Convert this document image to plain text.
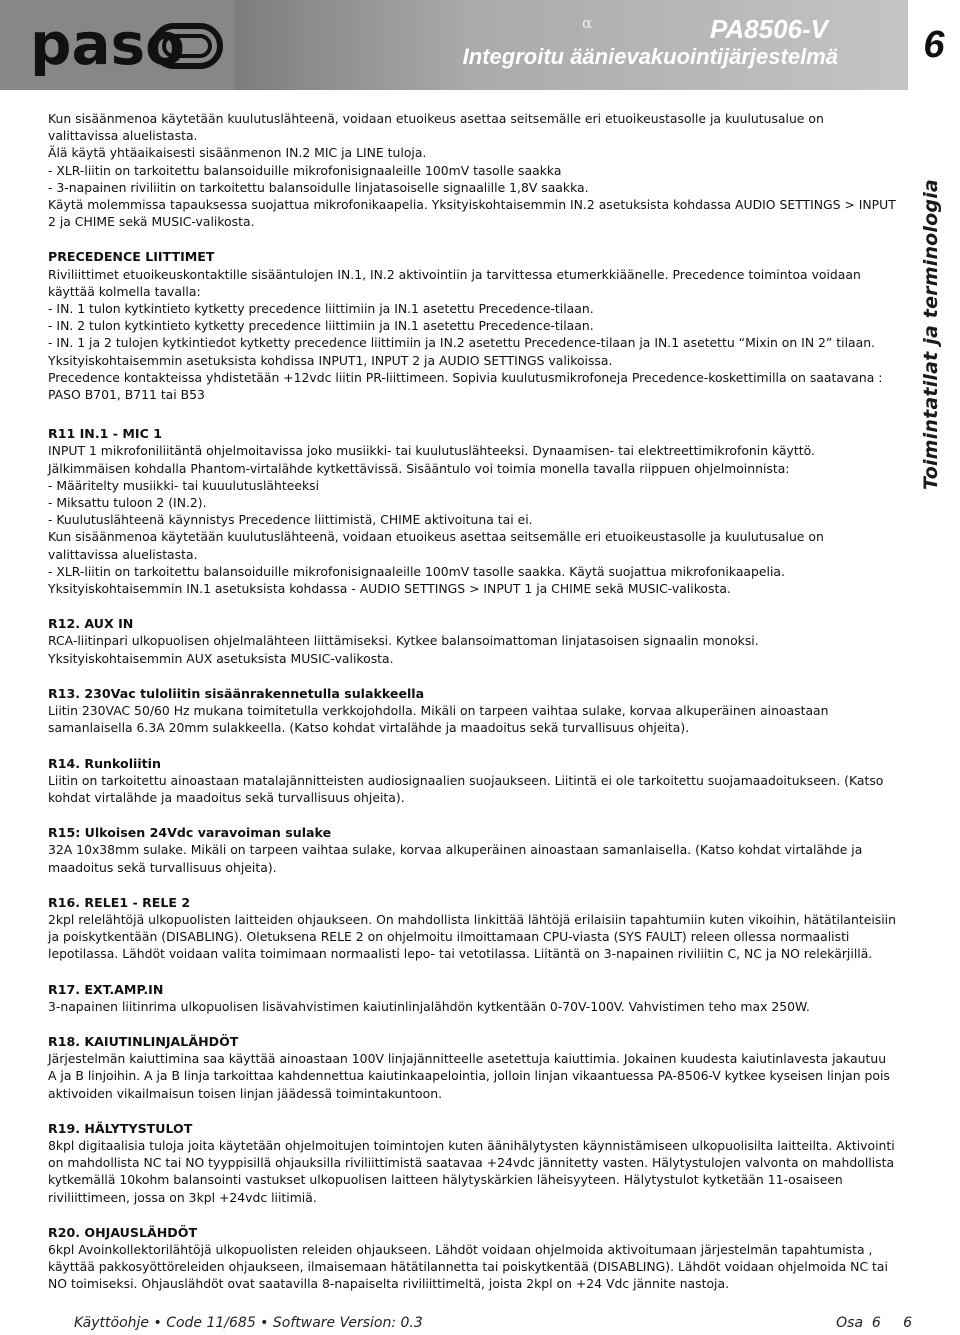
paso	α	PA8506-V
Integroitu äänievakuointijärjestelmä	6
Toimintatilat ja terminologia

Kun sisäänmenoa käytetään kuulutuslähteenä, voidaan etuoikeus asettaa seitsemälle eri etuoikeustasolle ja kuulutusalue on valittavissa aluelistasta.

Älä käytä yhtäaikaisesti sisäänmenon IN.2 MIC ja LINE tuloja.

- XLR-liitin on tarkoitettu balansoiduille mikrofonisignaaleille 100mV tasolle saakka

- 3-napainen riviliitin on tarkoitettu balansoidulle linjatasoiselle signaalille 1,8V saakka.

Käytä molemmissa tapauksessa suojattua mikrofonikaapelia. Yksityiskohtaisemmin IN.2 asetuksista kohdassa AUDIO SETTINGS > INPUT 2 ja CHIME sekä MUSIC-valikosta.

PRECEDENCE LIITTIMET

Riviliittimet etuoikeuskontaktille sisääntulojen IN.1, IN.2 aktivointiin ja tarvittessa etumerkkiäänelle. Precedence toimintoa voidaan käyttää kolmella tavalla:

- IN. 1 tulon kytkintieto kytketty precedence liittimiin ja IN.1 asetettu Precedence-tilaan.

- IN. 2 tulon kytkintieto kytketty precedence liittimiin ja IN.1 asetettu Precedence-tilaan.

- IN. 1 ja 2 tulojen kytkintiedot kytketty precedence liittimiin ja IN.2 asetettu Precedence-tilaan ja IN.1 asetettu “Mixin on IN 2” tilaan. Yksityiskohtaisemmin asetuksista kohdissa INPUT1, INPUT 2 ja AUDIO SETTINGS valikoissa.

Precedence kontakteissa yhdistetään +12vdc liitin PR-liittimeen. Sopivia kuulutusmikrofoneja Precedence-koskettimilla on saatavana : PASO B701, B711 tai B53

R11 IN.1 - MIC 1

INPUT 1 mikrofoniliitäntä ohjelmoitavissa joko musiikki- tai kuulutuslähteeksi. Dynaamisen- tai elektreettimikrofonin käyttö. Jälkimmäisen kohdalla Phantom-virtalähde kytkettävissä. Sisääntulo voi toimia monella tavalla riippuen ohjelmoinnista:

- Määritelty musiikki- tai kuuulutuslähteeksi

- Miksattu tuloon 2 (IN.2).

- Kuulutuslähteenä käynnistys Precedence liittimistä, CHIME aktivoituna tai ei.

Kun sisäänmenoa käytetään kuulutuslähteenä, voidaan etuoikeus asettaa seitsemälle eri etuoikeustasolle ja kuulutusalue on valittavissa aluelistasta.

- XLR-liitin on tarkoitettu balansoiduille mikrofonisignaaleille 100mV tasolle saakka. Käytä suojattua mikrofonikaapelia. Yksityiskohtaisemmin IN.1 asetuksista kohdassa - AUDIO SETTINGS > INPUT 1 ja CHIME sekä MUSIC-valikosta.

R12. AUX IN

RCA-liitinpari ulkopuolisen ohjelmalähteen liittämiseksi. Kytkee balansoimattoman linjatasoisen signaalin monoksi. Yksityiskohtaisemmin AUX asetuksista MUSIC-valikosta.

R13. 230Vac tuloliitin sisäänrakennetulla sulakkeella

Liitin 230VAC 50/60 Hz mukana toimitetulla verkkojohdolla. Mikäli on tarpeen vaihtaa sulake, korvaa alkuperäinen ainoastaan samanlaisella 6.3A 20mm sulakkeella. (Katso kohdat virtalähde ja maadoitus sekä turvallisuus ohjeita).

R14. Runkoliitin

Liitin on tarkoitettu ainoastaan matalajännitteisten audiosignaalien suojaukseen. Liitintä ei ole tarkoitettu suojamaadoitukseen. (Katso kohdat virtalähde ja maadoitus sekä turvallisuus ohjeita).

R15: Ulkoisen 24Vdc varavoiman sulake

32A 10x38mm sulake. Mikäli on tarpeen vaihtaa sulake, korvaa alkuperäinen ainoastaan samanlaisella. (Katso kohdat virtalähde ja maadoitus sekä turvallisuus ohjeita).

R16. RELE1 - RELE 2

2kpl relelähtöjä ulkopuolisten laitteiden ohjaukseen. On mahdollista linkittää lähtöjä erilaisiin tapahtumiin kuten vikoihin, hätätilanteisiin ja poiskytkentään (DISABLING). Oletuksena RELE 2 on ohjelmoitu ilmoittamaan CPU-viasta (SYS FAULT) releen ollessa normaalisti lepotilassa. Lähdöt voidaan valita toimimaan normaalisti lepo- tai vetotilassa. Liitäntä on 3-napainen riviliitin C, NC ja NO relekärjillä.

R17. EXT.AMP.IN

3-napainen liitinrima ulkopuolisen lisävahvistimen kaiutinlinjalähdön kytkentään 0-70V-100V. Vahvistimen teho max 250W.

R18. KAIUTINLINJALÄHDÖT

Järjestelmän kaiuttimina saa käyttää ainoastaan 100V linjajännitteelle asetettuja kaiuttimia. Jokainen kuudesta kaiutinlavesta jakautuu A ja B linjoihin. A ja B linja tarkoittaa kahdennettua kaiutinkaapelointia, jolloin linjan vikaantuessa PA-8506-V kytkee kyseisen linjan pois aktivoiden vikailmaisun toisen linjan jäädessä toimintakuntoon.

R19. HÄLYTYSTULOT

8kpl digitaalisia tuloja joita käytetään ohjelmoitujen toimintojen kuten äänihälytysten käynnistämiseen ulkopuolisilta laitteilta. Aktivointi on mahdollista NC tai NO tyyppisillä ohjauksilla riviliittimistä saatavaa +24vdc jännitetty vasten. Hälytystulojen valvonta on mahdollista kytkemällä 10kohm balansointi vastukset ulkopuolisen laitteen hälytyskärkien läheisyyteen. Hälytystulot kytketään 11-osaiseen riviliittimeen, jossa on 3kpl +24vdc liitimiä.

R20. OHJAUSLÄHDÖT

6kpl Avoinkollektorilähtöjä ulkopuolisten releiden ohjaukseen. Lähdöt voidaan ohjelmoida aktivoitumaan järjestelmän tapahtumista , käyttää pakkosyöttöreleiden ohjaukseen, ilmaisemaan hätätilannetta tai poiskytkentää (DISABLING). Lähdöt voidaan ohjelmoida NC tai NO toimiseksi. Ohjauslähdöt ovat saatavilla 8-napaiselta riviliittimeltä, joista 2kpl on +24 Vdc jännite nastoja.

Käyttöohje • Code 11/685 • Software Version: 0.3	Osa  6     6
